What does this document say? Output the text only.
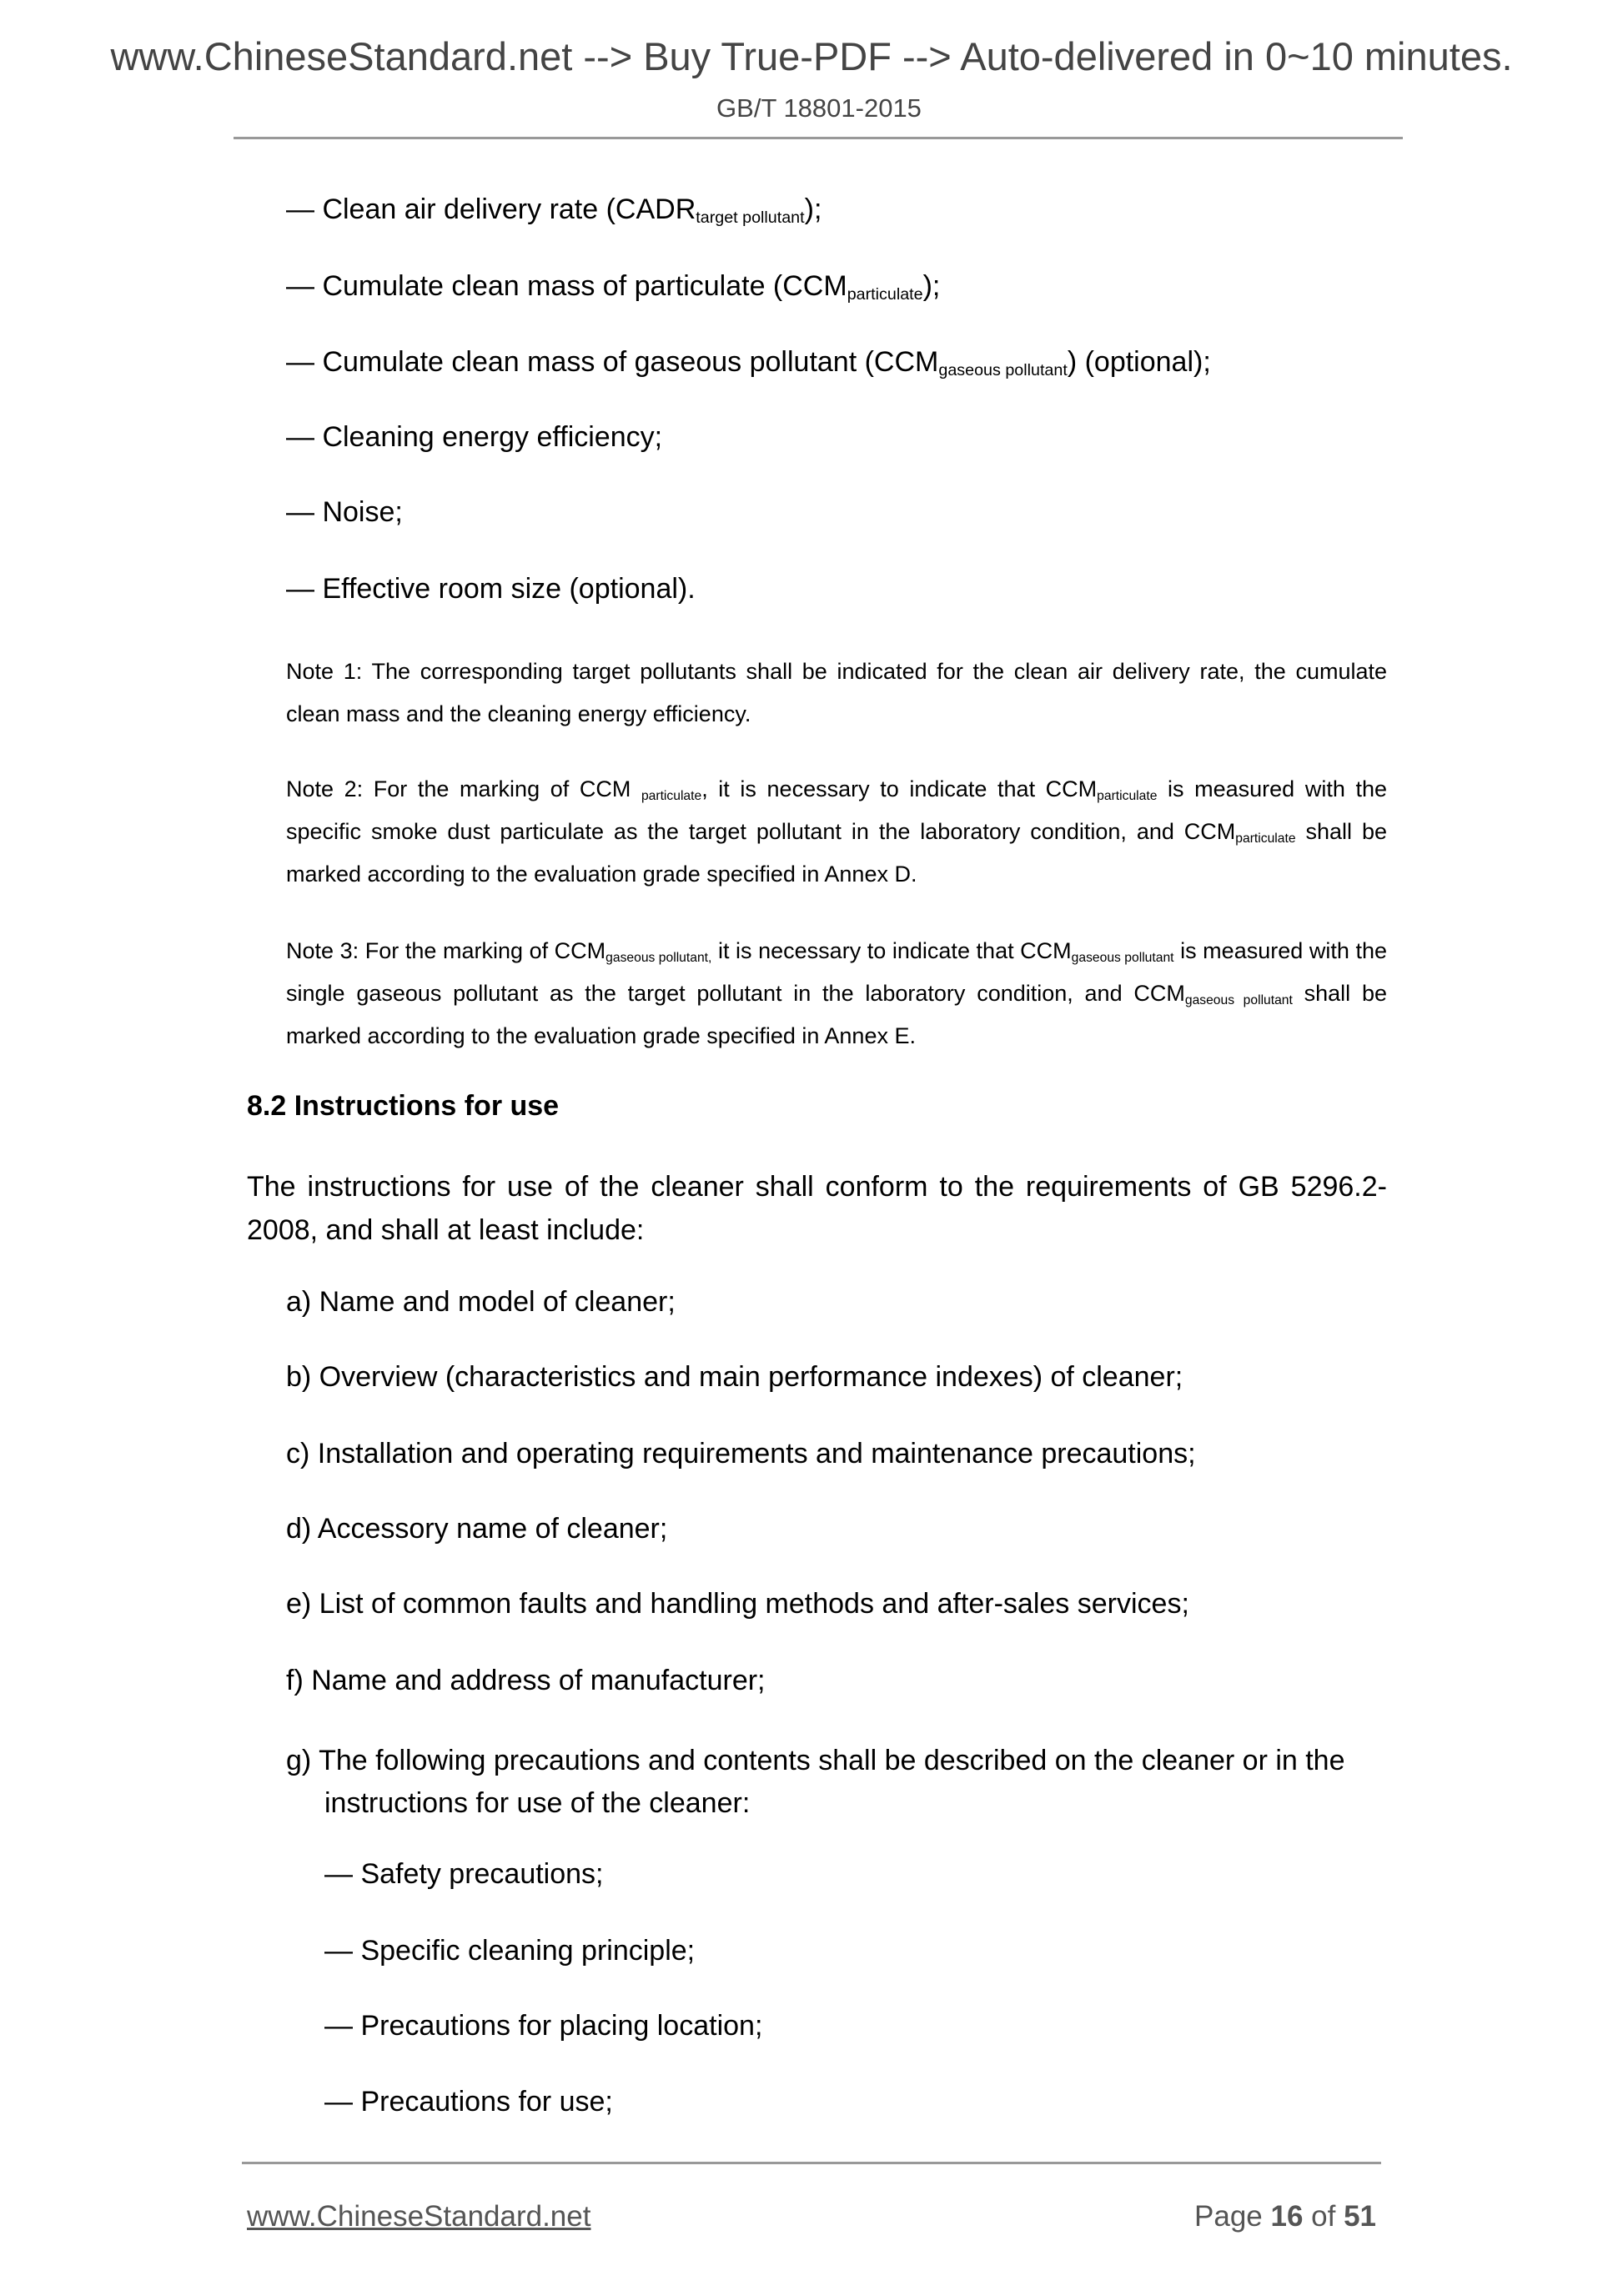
www.ChineseStandard.net --> Buy True-PDF --> Auto-delivered in 0~10 minutes.
GB/T 18801-2015
— Clean air delivery rate $(CADR_{target pollutant})$;
— Cumulate clean mass of particulate $(CCM_{particulate})$;
— Cumulate clean mass of gaseous pollutant $(CCM_{gaseous pollutant})$ (optional);
— Cleaning energy efficiency;
— Noise;
— Effective room size (optional).
Note 1: The corresponding target pollutants shall be indicated for the clean air delivery rate, the cumulate clean mass and the cleaning energy efficiency.
Note 2: For the marking of CCM $_{particulate}$, it is necessary to indicate that $CCM_{particulate}$ is measured with the specific smoke dust particulate as the target pollutant in the laboratory condition, and $CCM_{particulate}$ shall be marked according to the evaluation grade specified in Annex D.
Note 3: For the marking of $CCM_{gaseous pollutant,}$ it is necessary to indicate that $CCM_{gaseous pollutant}$ is measured with the single gaseous pollutant as the target pollutant in the laboratory condition, and $CCM_{gaseous pollutant}$ shall be marked according to the evaluation grade specified in Annex E.
8.2 Instructions for use
The instructions for use of the cleaner shall conform to the requirements of GB 5296.2-2008, and shall at least include:
a) Name and model of cleaner;
b) Overview (characteristics and main performance indexes) of cleaner;
c) Installation and operating requirements and maintenance precautions;
d) Accessory name of cleaner;
e) List of common faults and handling methods and after-sales services;
f) Name and address of manufacturer;
g) The following precautions and contents shall be described on the cleaner or in the instructions for use of the cleaner:
— Safety precautions;
— Specific cleaning principle;
— Precautions for placing location;
— Precautions for use;
www.ChineseStandard.net	Page 16 of 51
